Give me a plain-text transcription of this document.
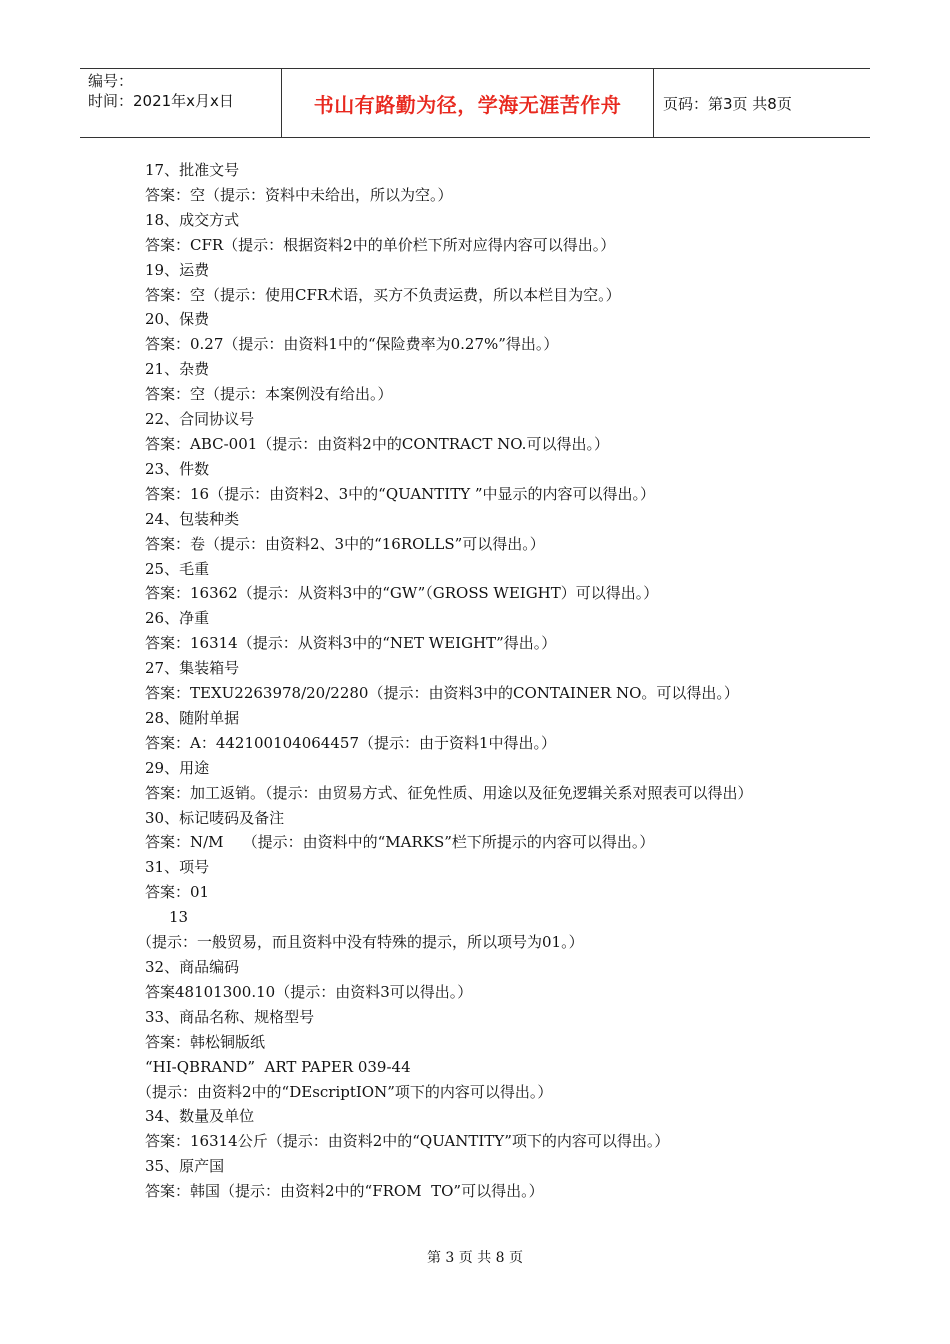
编号：
时间：2021年x月x日	书山有路勤为径，学海无涯苦作舟	页码：第3页 共8页
17、批准文号
答案：空（提示：资料中未给出，所以为空。）
18、成交方式
答案：CFR（提示：根据资料2中的单价栏下所对应得内容可以得出。）
19、运费
答案：空（提示：使用CFR术语，买方不负责运费，所以本栏目为空。）
20、保费
答案：0.27（提示：由资料1中的“保险费率为0.27%”得出。）
21、杂费
答案：空（提示：本案例没有给出。）
22、合同协议号
答案：ABC-001（提示：由资料2中的CONTRACT NO.可以得出。）
23、件数
答案：16（提示：由资料2、3中的“QUANTITY ”中显示的内容可以得出。）
24、包装种类
答案：卷（提示：由资料2、3中的“16ROLLS”可以得出。）
25、毛重
答案：16362（提示：从资料3中的“GW”（GROSS WEIGHT）可以得出。）
26、净重
答案：16314（提示：从资料3中的“NET WEIGHT”得出。）
27、集装箱号
答案：TEXU2263978/20/2280（提示：由资料3中的CONTAINER NO。可以得出。）
28、随附单据
答案：A：442100104064457（提示：由于资料1中得出。）
29、用途
答案：加工返销。（提示：由贸易方式、征免性质、用途以及征免逻辑关系对照表可以得出）
30、标记唛码及备注
答案：N/M    （提示：由资料中的“MARKS”栏下所提示的内容可以得出。）
31、项号
答案：01
13
（提示：一般贸易，而且资料中没有特殊的提示，所以项号为01。）
32、商品编码
答案48101300.10（提示：由资料3可以得出。）
33、商品名称、规格型号
答案：韩松铜版纸
“HI-QBRAND”  ART PAPER 039-44
（提示：由资料2中的“DEscriptION”项下的内容可以得出。）
34、数量及单位
答案：16314公斤（提示：由资料2中的“QUANTITY”项下的内容可以得出。）
35、原产国
答案：韩国（提示：由资料2中的“FROM  TO”可以得出。）
第 3 页 共 8 页
